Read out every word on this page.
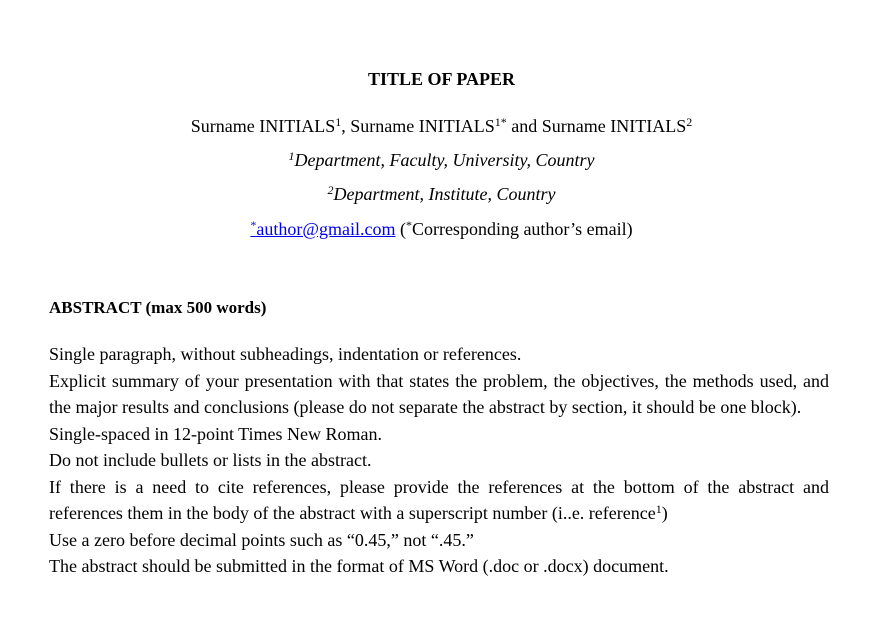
TITLE OF PAPER
Surname INITIALS$^1$, Surname $INITIALS^{1*}$ and Surname INITIALS$^2$
$^1$Department, Faculty, University, Country
$^2$Department, Institute, Country
*author@gmail.com (*Corresponding author’s email)
ABSTRACT (max 500 words)

Single paragraph, without subheadings, indentation or references.

Explicit summary of your presentation with that states the problem, the objectives, the methods used, and the major results and conclusions (please do not separate the abstract by section, it should be one block).

Single-spaced in 12-point Times New Roman.

Do not include bullets or lists in the abstract.

If there is a need to cite references, please provide the references at the bottom of the abstract and references them in the body of the abstract with a superscript number (i..e. reference$^1$)

Use a zero before decimal points such as “0.45,” not “.45.”

The abstract should be submitted in the format of MS Word (.doc or .docx) document.
